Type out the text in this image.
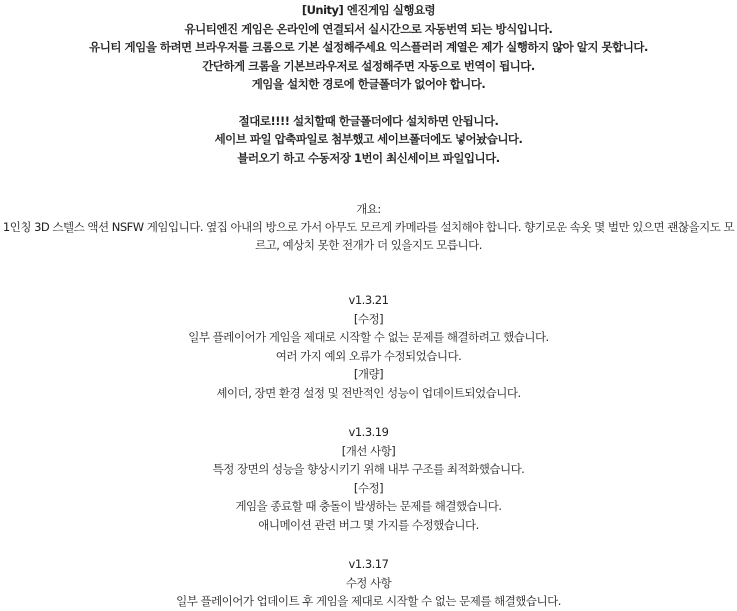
[Unity] 엔진게임 실행요령

유니티엔진 게임은 온라인에 연결되서 실시간으로 자동번역 되는 방식입니다.

유니티 게임을 하려면 브라우저를 크롬으로 기본 설정해주세요 익스플러러 계열은 제가 실행하지 않아 알지 못합니다.

간단하게 크롬을 기본브라우저로 설정해주면 자동으로 번역이 됩니다.

게임을 설치한 경로에 한글폴더가 없어야 합니다.

절대로!!!! 설치할때 한글폴더에다 설치하면 안됩니다.

세이브 파일 압축파일로 첨부했고 세이브폴더에도 넣어놨습니다.

블러오기 하고 수동저장 1번이 최신세이브 파일입니다.

개요:

1인칭 3D 스텔스 액션 NSFW 게임입니다. 옆집 아내의 방으로 가서 아무도 모르게 카메라를 설치해야 합니다. 향기로운 속옷 몇 벌만 있으면 괜찮을지도 모르고, 예상치 못한 전개가 더 있을지도 모릅니다.

v1.3.21

[수정]

일부 플레이어가 게임을 제대로 시작할 수 없는 문제를 해결하려고 했습니다.

여러 가지 예외 오류가 수정되었습니다.

[개량]

셰이더, 장면 환경 설정 및 전반적인 성능이 업데이트되었습니다.

v1.3.19

[개선 사항]

특정 장면의 성능을 향상시키기 위해 내부 구조를 최적화했습니다.

[수정]

게임을 종료할 때 충돌이 발생하는 문제를 해결했습니다.

애니메이션 관련 버그 몇 가지를 수정했습니다.

v1.3.17

수정 사항

일부 플레이어가 업데이트 후 게임을 제대로 시작할 수 없는 문제를 해결했습니다.
